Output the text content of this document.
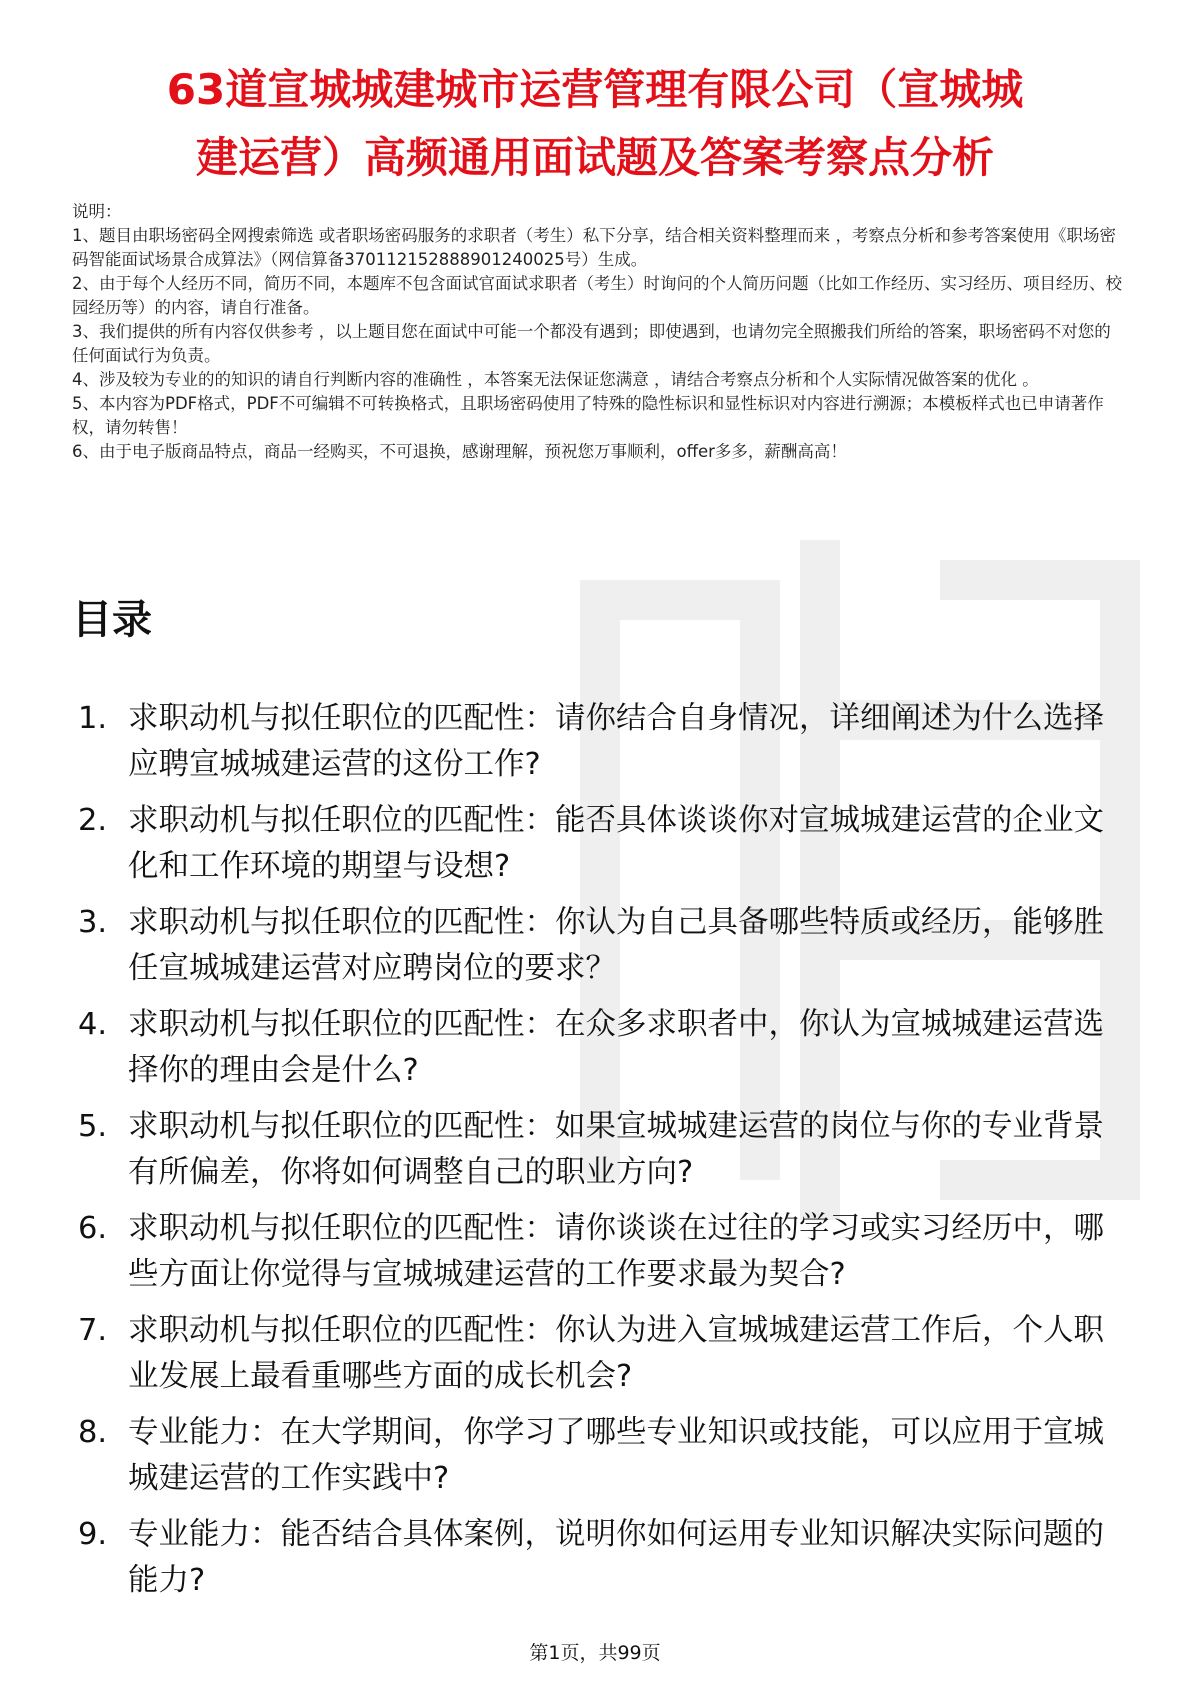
63道宣城城建城市运营管理有限公司（宣城城
建运营）高频通用面试题及答案考察点分析

说明：

1、题目由职场密码全网搜索筛选 或者职场密码服务的求职者（考生）私下分享，结合相关资料整理而来 ，考察点分析和参考答案使用《职场密码智能面试场景合成算法》（网信算备370112152888901240025号）生成。

2、由于每个人经历不同，简历不同，本题库不包含面试官面试求职者（考生）时询问的个人简历问题（比如工作经历、实习经历、项目经历、校园经历等）的内容，请自行准备。

3、我们提供的所有内容仅供参考 ，以上题目您在面试中可能一个都没有遇到；即使遇到，也请勿完全照搬我们所给的答案，职场密码不对您的任何面试行为负责。

4、涉及较为专业的的知识的请自行判断内容的准确性 ，本答案无法保证您满意 ，请结合考察点分析和个人实际情况做答案的优化 。

5、本内容为PDF格式，PDF不可编辑不可转换格式，且职场密码使用了特殊的隐性标识和显性标识对内容进行溯源；本模板样式也已申请著作权，请勿转售！

6、由于电子版商品特点，商品一经购买，不可退换，感谢理解，预祝您万事顺利，offer多多，薪酬高高！

目录
1. 求职动机与拟任职位的匹配性：请你结合自身情况，详细阐述为什么选择应聘宣城城建运营的这份工作?
2. 求职动机与拟任职位的匹配性：能否具体谈谈你对宣城城建运营的企业文化和工作环境的期望与设想?
3. 求职动机与拟任职位的匹配性：你认为自己具备哪些特质或经历，能够胜任宣城城建运营对应聘岗位的要求？
4. 求职动机与拟任职位的匹配性：在众多求职者中，你认为宣城城建运营选择你的理由会是什么?
5. 求职动机与拟任职位的匹配性：如果宣城城建运营的岗位与你的专业背景有所偏差，你将如何调整自己的职业方向?
6. 求职动机与拟任职位的匹配性：请你谈谈在过往的学习或实习经历中，哪些方面让你觉得与宣城城建运营的工作要求最为契合?
7. 求职动机与拟任职位的匹配性：你认为进入宣城城建运营工作后，个人职业发展上最看重哪些方面的成长机会?
8. 专业能力：在大学期间，你学习了哪些专业知识或技能，可以应用于宣城城建运营的工作实践中?
9. 专业能力：能否结合具体案例，说明你如何运用专业知识解决实际问题的能力?
第1页，共99页
